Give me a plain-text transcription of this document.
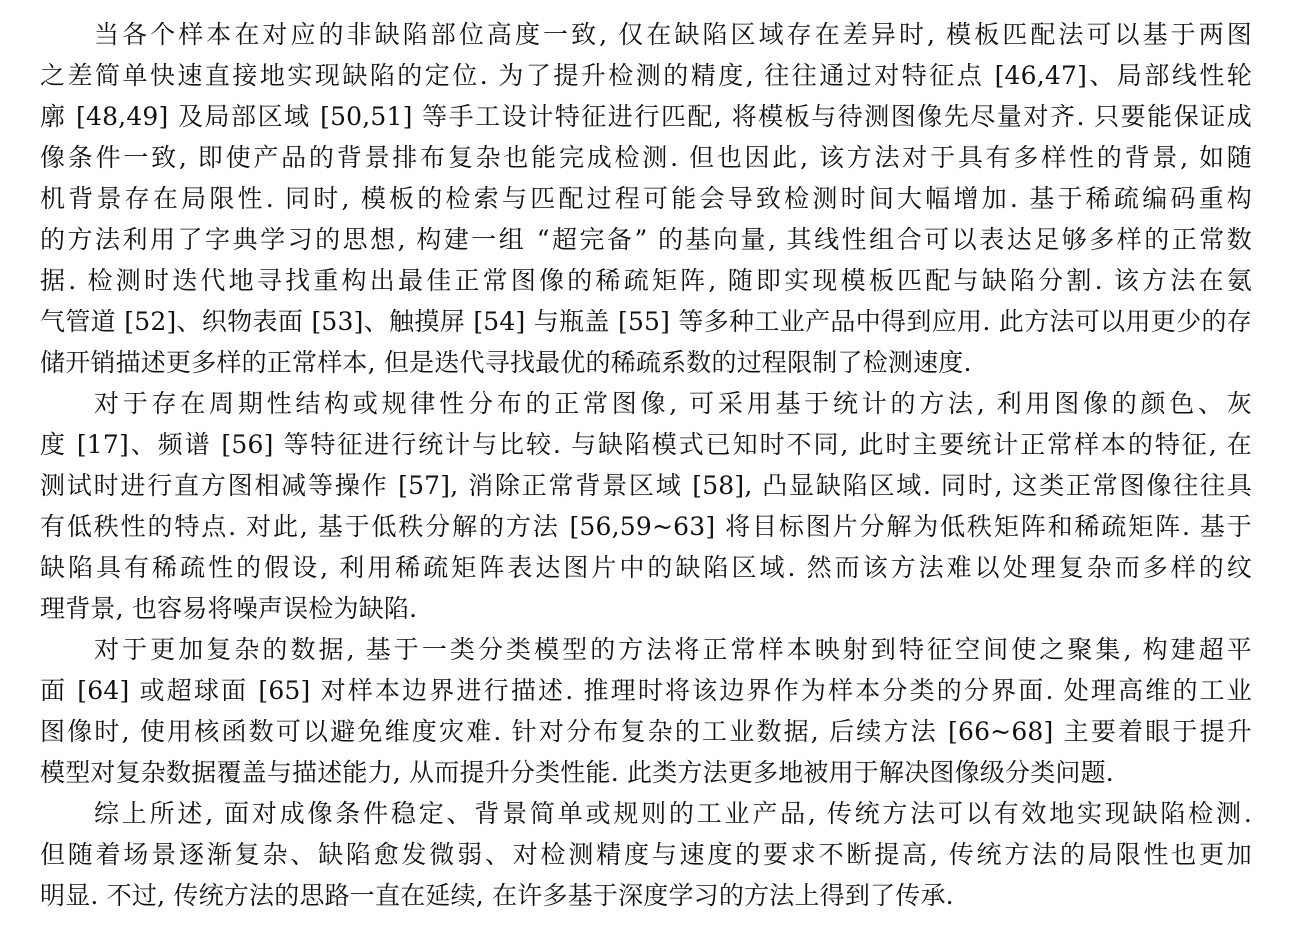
当各个样本在对应的非缺陷部位高度一致, 仅在缺陷区域存在差异时, 模板匹配法可以基于两图
之差简单快速直接地实现缺陷的定位. 为了提升检测的精度, 往往通过对特征点 [46,47]、局部线性轮
廓 [48,49] 及局部区域 [50,51] 等手工设计特征进行匹配, 将模板与待测图像先尽量对齐. 只要能保证成
像条件一致, 即使产品的背景排布复杂也能完成检测. 但也因此, 该方法对于具有多样性的背景, 如随
机背景存在局限性. 同时, 模板的检索与匹配过程可能会导致检测时间大幅增加. 基于稀疏编码重构
的方法利用了字典学习的思想, 构建一组 “超完备” 的基向量, 其线性组合可以表达足够多样的正常数
据. 检测时迭代地寻找重构出最佳正常图像的稀疏矩阵, 随即实现模板匹配与缺陷分割. 该方法在氨
气管道 [52]、织物表面 [53]、触摸屏 [54] 与瓶盖 [55] 等多种工业产品中得到应用. 此方法可以用更少的存
储开销描述更多样的正常样本, 但是迭代寻找最优的稀疏系数的过程限制了检测速度.
对于存在周期性结构或规律性分布的正常图像, 可采用基于统计的方法, 利用图像的颜色、灰
度 [17]、频谱 [56] 等特征进行统计与比较. 与缺陷模式已知时不同, 此时主要统计正常样本的特征, 在
测试时进行直方图相减等操作 [57], 消除正常背景区域 [58], 凸显缺陷区域. 同时, 这类正常图像往往具
有低秩性的特点. 对此, 基于低秩分解的方法 [56,59~63] 将目标图片分解为低秩矩阵和稀疏矩阵. 基于
缺陷具有稀疏性的假设, 利用稀疏矩阵表达图片中的缺陷区域. 然而该方法难以处理复杂而多样的纹
理背景, 也容易将噪声误检为缺陷.
对于更加复杂的数据, 基于一类分类模型的方法将正常样本映射到特征空间使之聚集, 构建超平
面 [64] 或超球面 [65] 对样本边界进行描述. 推理时将该边界作为样本分类的分界面. 处理高维的工业
图像时, 使用核函数可以避免维度灾难. 针对分布复杂的工业数据, 后续方法 [66~68] 主要着眼于提升
模型对复杂数据覆盖与描述能力, 从而提升分类性能. 此类方法更多地被用于解决图像级分类问题.
综上所述, 面对成像条件稳定、背景简单或规则的工业产品, 传统方法可以有效地实现缺陷检测.
但随着场景逐渐复杂、缺陷愈发微弱、对检测精度与速度的要求不断提高, 传统方法的局限性也更加
明显. 不过, 传统方法的思路一直在延续, 在许多基于深度学习的方法上得到了传承.
